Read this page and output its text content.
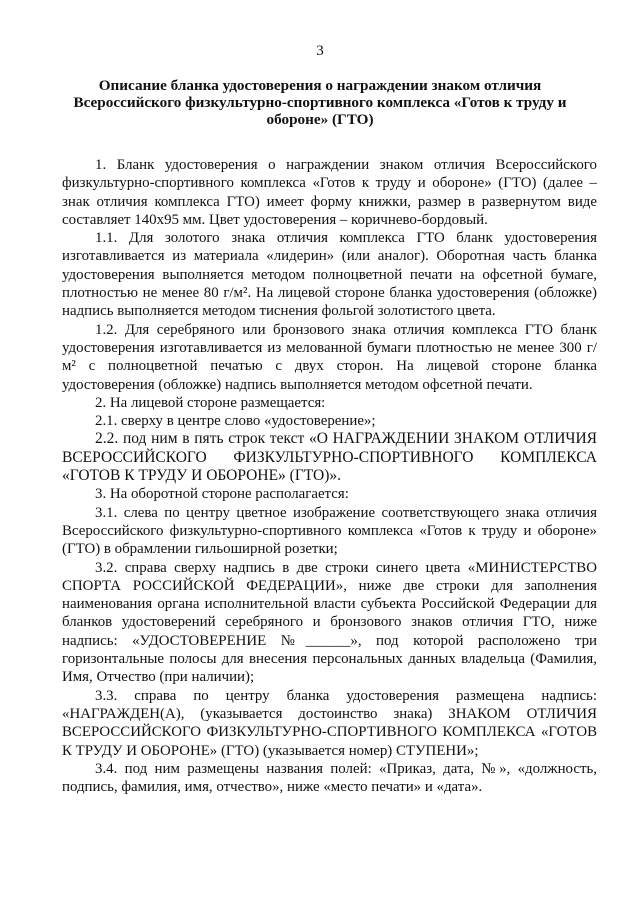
3
Описание бланка удостоверения о награждении знаком отличия
Всероссийского физкультурно-спортивного комплекса «Готов к труду и
обороне» (ГТО)

1. Бланк удостоверения о награждении знаком отличия Всероссийского физкультурно-спортивного комплекса «Готов к труду и обороне» (ГТО) (далее – знак отличия комплекса ГТО) имеет форму книжки, размер в развернутом виде составляет 140х95 мм. Цвет удостоверения – коричнево-бордовый.

1.1. Для золотого знака отличия комплекса ГТО бланк удостоверения изготавливается из материала «лидерин» (или аналог). Оборотная часть бланка удостоверения выполняется методом полноцветной печати на офсетной бумаге, плотностью не менее 80 г/м². На лицевой стороне бланка удостоверения (обложке) надпись выполняется методом тиснения фольгой золотистого цвета.

1.2. Для серебряного или бронзового знака отличия комплекса ГТО бланк удостоверения изготавливается из мелованной бумаги плотностью не менее 300 г/м² с полноцветной печатью с двух сторон. На лицевой стороне бланка удостоверения (обложке) надпись выполняется методом офсетной печати.

2. На лицевой стороне размещается:

2.1. сверху в центре слово «удостоверение»;

2.2. под ним в пять строк текст «О НАГРАЖДЕНИИ ЗНАКОМ ОТЛИЧИЯ ВСЕРОССИЙСКОГО ФИЗКУЛЬТУРНО-СПОРТИВНОГО КОМПЛЕКСА «ГОТОВ К ТРУДУ И ОБОРОНЕ» (ГТО)».

3. На оборотной стороне располагается:

3.1. слева по центру цветное изображение соответствующего знака отличия Всероссийского физкультурно-спортивного комплекса «Готов к труду и обороне» (ГТО) в обрамлении гильоширной розетки;

3.2. справа сверху надпись в две строки синего цвета «МИНИСТЕРСТВО СПОРТА РОССИЙСКОЙ ФЕДЕРАЦИИ», ниже две строки для заполнения наименования органа исполнительной власти субъекта Российской Федерации для бланков удостоверений серебряного и бронзового знаков отличия ГТО, ниже надпись: «УДОСТОВЕРЕНИЕ №______», под которой расположено три горизонтальные полосы для внесения персональных данных владельца (Фамилия, Имя, Отчество (при наличии);

3.3. справа по центру бланка удостоверения размещена надпись: «НАГРАЖДЕН(А), (указывается достоинство знака) ЗНАКОМ ОТЛИЧИЯ ВСЕРОССИЙСКОГО ФИЗКУЛЬТУРНО-СПОРТИВНОГО КОМПЛЕКСА «ГОТОВ К ТРУДУ И ОБОРОНЕ» (ГТО) (указывается номер) СТУПЕНИ»;

3.4. под ним размещены названия полей: «Приказ, дата, №», «должность, подпись, фамилия, имя, отчество», ниже «место печати» и «дата».
